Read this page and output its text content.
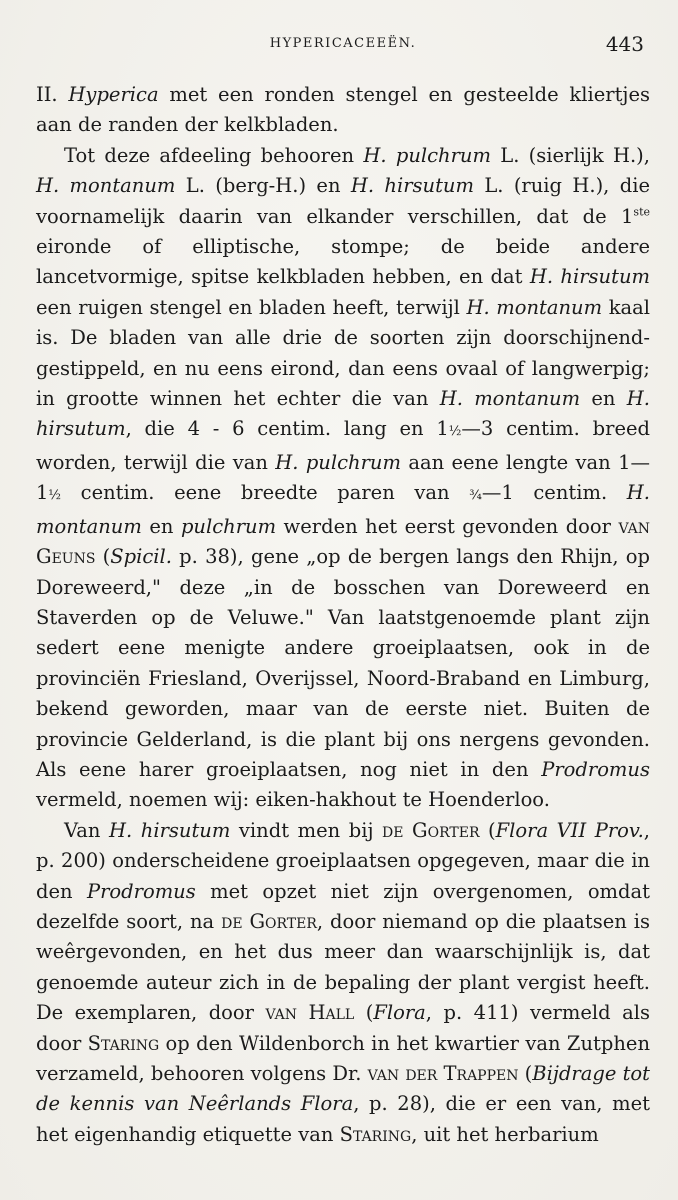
HYPERICACEEËN.	443

II. Hyperica met een ronden stengel en gesteelde kliertjes aan de randen der kelkbladen.

Tot deze afdeeling behooren H. pulchrum L. (sierlijk H.), H. montanum L. (berg-H.) en H. hirsutum L. (ruig H.), die voornamelijk daarin van elkander verschillen, dat de 1ste eironde of elliptische, stompe; de beide andere lancetvormige, spitse kelkbladen hebben, en dat H. hirsutum een ruigen stengel en bladen heeft, terwijl H. montanum kaal is. De bladen van alle drie de soorten zijn doorschijnend-gestippeld, en nu eens eirond, dan eens ovaal of langwerpig; in grootte winnen het echter die van H. montanum en H. hirsutum, die 4 - 6 centim. lang en 1½—3 centim. breed worden, terwijl die van H. pulchrum aan eene lengte van 1—1½ centim. eene breedte paren van ¾—1 centim. H. montanum en pulchrum werden het eerst gevonden door van Geuns (Spicil. p. 38), gene „op de bergen langs den Rhijn, op Doreweerd," deze „in de bosschen van Doreweerd en Staverden op de Veluwe." Van laatstgenoemde plant zijn sedert eene menigte andere groeiplaatsen, ook in de provinciën Friesland, Overijssel, Noord-Braband en Limburg, bekend geworden, maar van de eerste niet. Buiten de provincie Gelderland, is die plant bij ons nergens gevonden. Als eene harer groeiplaatsen, nog niet in den Prodromus vermeld, noemen wij: eiken-hakhout te Hoenderloo.

Van H. hirsutum vindt men bij de Gorter (Flora VII Prov., p. 200) onderscheidene groeiplaatsen opgegeven, maar die in den Prodromus met opzet niet zijn overgenomen, omdat dezelfde soort, na de Gorter, door niemand op die plaatsen is weêrgevonden, en het dus meer dan waarschijnlijk is, dat genoemde auteur zich in de bepaling der plant vergist heeft. De exemplaren, door van Hall (Flora, p. 411) vermeld als door Staring op den Wildenborch in het kwartier van Zutphen verzameld, behooren volgens Dr. van der Trappen (Bijdrage tot de kennis van Neêrlands Flora, p. 28), die er een van, met het eigenhandig etiquette van Staring, uit het herbarium
